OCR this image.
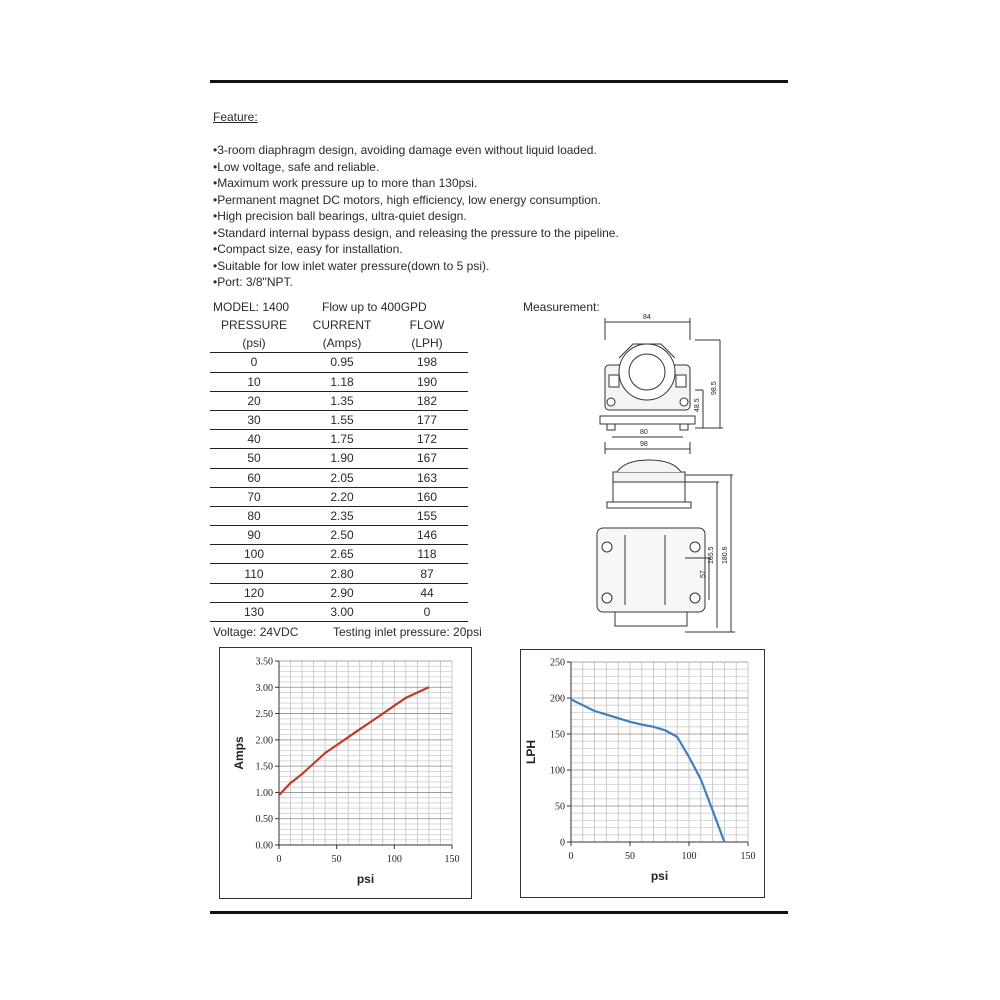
Feature:
•3-room diaphragm design, avoiding damage even without liquid loaded.
•Low voltage, safe and reliable.
•Maximum work pressure up to more than 130psi.
•Permanent magnet DC motors, high efficiency, low energy consumption.
•High precision ball bearings, ultra-quiet design.
•Standard internal bypass design, and releasing the pressure to the pipeline.
•Compact size, easy for installation.
•Suitable for low inlet water pressure(down to 5 psi).
•Port: 3/8"NPT.
MODEL: 1400	Flow up to 400GPD	Measurement:
PRESSURE	CURRENT	FLOW
(psi)	(Amps)	(LPH)
0	0.95	198
10	1.18	190
20	1.35	182
30	1.55	177
40	1.75	172
50	1.90	167
60	2.05	163
70	2.20	160
80	2.35	155
90	2.50	146
100	2.65	118
110	2.80	87
120	2.90	44
130	3.00	0
Voltage: 24VDC	Testing inlet pressure: 20psi
84
80
98
48.5
98.5
57
165.5 180.6
0.00
0.50
1.00
1.50
2.00
2.50
3.00
3.50
0	50	100	150
psi
Amps
0
50
100
150
200
250
0	50	100	150
psi
LPH
